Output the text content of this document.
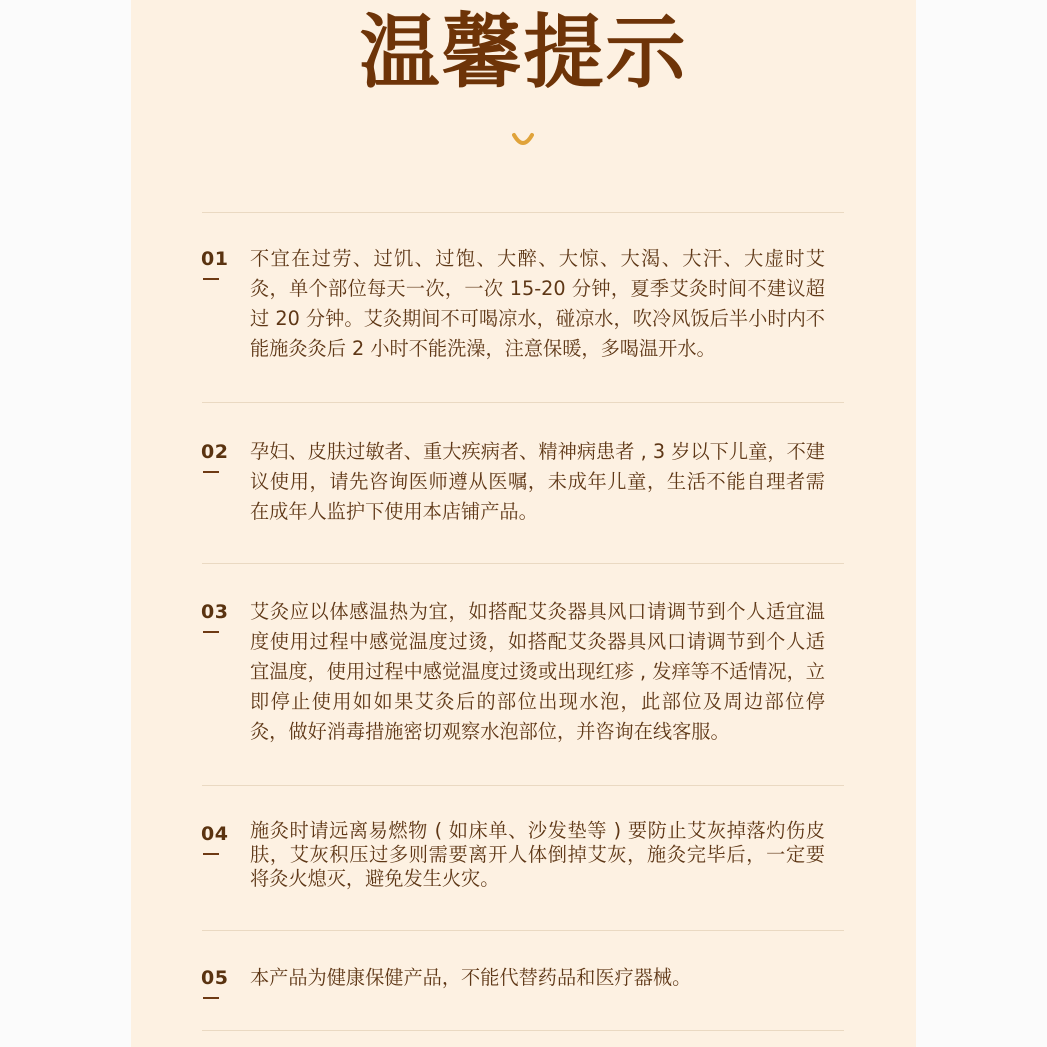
温馨提示
01 不宜在过劳、过饥、过饱、大醉、大惊、大渴、大汗、大虚时艾灸，单个部位每天一次，一次 15-20 分钟，夏季艾灸时间不建议超过 20 分钟。艾灸期间不可喝凉水，碰凉水，吹冷风饭后半小时内不能施灸灸后 2 小时不能洗澡，注意保暖，多喝温开水。

02 孕妇、皮肤过敏者、重大疾病者、精神病患者 , 3 岁以下儿童，不建议使用，请先咨询医师遵从医嘱，未成年儿童，生活不能自理者需在成年人监护下使用本店铺产品。

03 艾灸应以体感温热为宜，如搭配艾灸器具风口请调节到个人适宜温度使用过程中感觉温度过烫，如搭配艾灸器具风口请调节到个人适宜温度，使用过程中感觉温度过烫或出现红疹 , 发痒等不适情况，立即停止使用如如果艾灸后的部位出现水泡，此部位及周边部位停灸，做好消毒措施密切观察水泡部位，并咨询在线客服。

04 施灸时请远离易燃物 ( 如床单、沙发垫等 ) 要防止艾灰掉落灼伤皮肤，艾灰积压过多则需要离开人体倒掉艾灰，施灸完毕后，一定要将灸火熄灭，避免发生火灾。

05 本产品为健康保健产品，不能代替药品和医疗器械。
